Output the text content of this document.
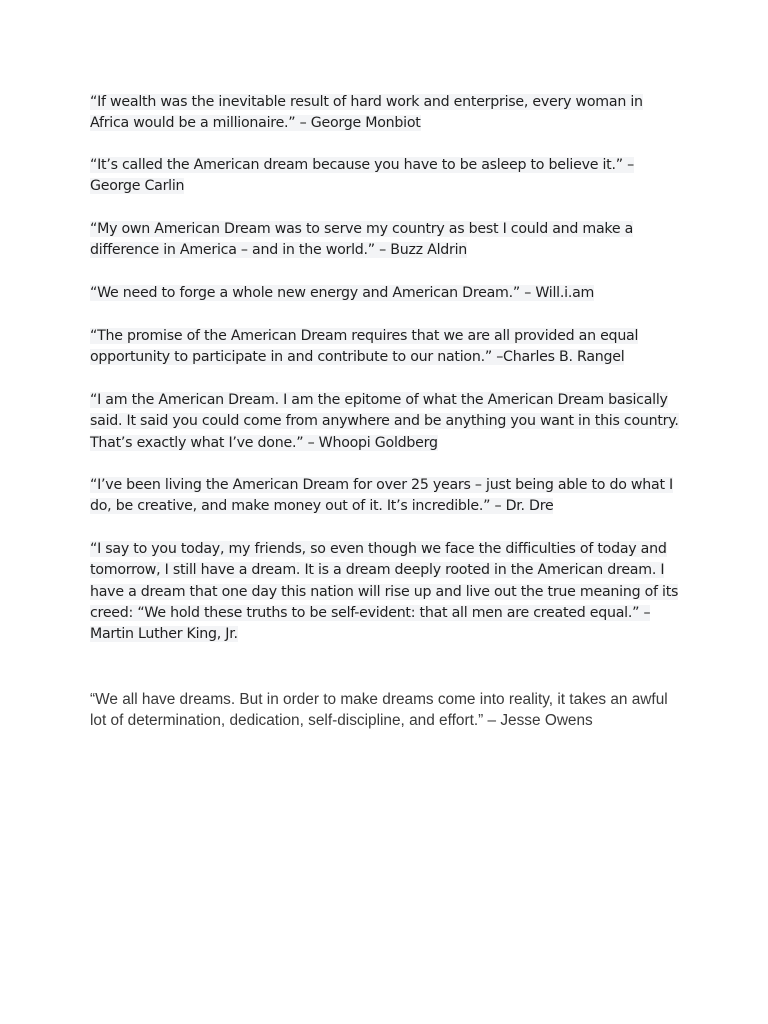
“If wealth was the inevitable result of hard work and enterprise, every woman in Africa would be a millionaire.” – George Monbiot

“It’s called the American dream because you have to be asleep to believe it.” – George Carlin

“My own American Dream was to serve my country as best I could and make a difference in America – and in the world.” – Buzz Aldrin

“We need to forge a whole new energy and American Dream.” – Will.i.am

“The promise of the American Dream requires that we are all provided an equal opportunity to participate in and contribute to our nation.” –Charles B. Rangel

“I am the American Dream. I am the epitome of what the American Dream basically said. It said you could come from anywhere and be anything you want in this country. That’s exactly what I’ve done.” – Whoopi Goldberg

“I’ve been living the American Dream for over 25 years – just being able to do what I do, be creative, and make money out of it. It’s incredible.” – Dr. Dre

“I say to you today, my friends, so even though we face the difficulties of today and tomorrow, I still have a dream. It is a dream deeply rooted in the American dream. I have a dream that one day this nation will rise up and live out the true meaning of its creed: “We hold these truths to be self-evident: that all men are created equal.” – Martin Luther King, Jr.

“We all have dreams. But in order to make dreams come into reality, it takes an awful lot of determination, dedication, self-discipline, and effort.” – Jesse Owens
